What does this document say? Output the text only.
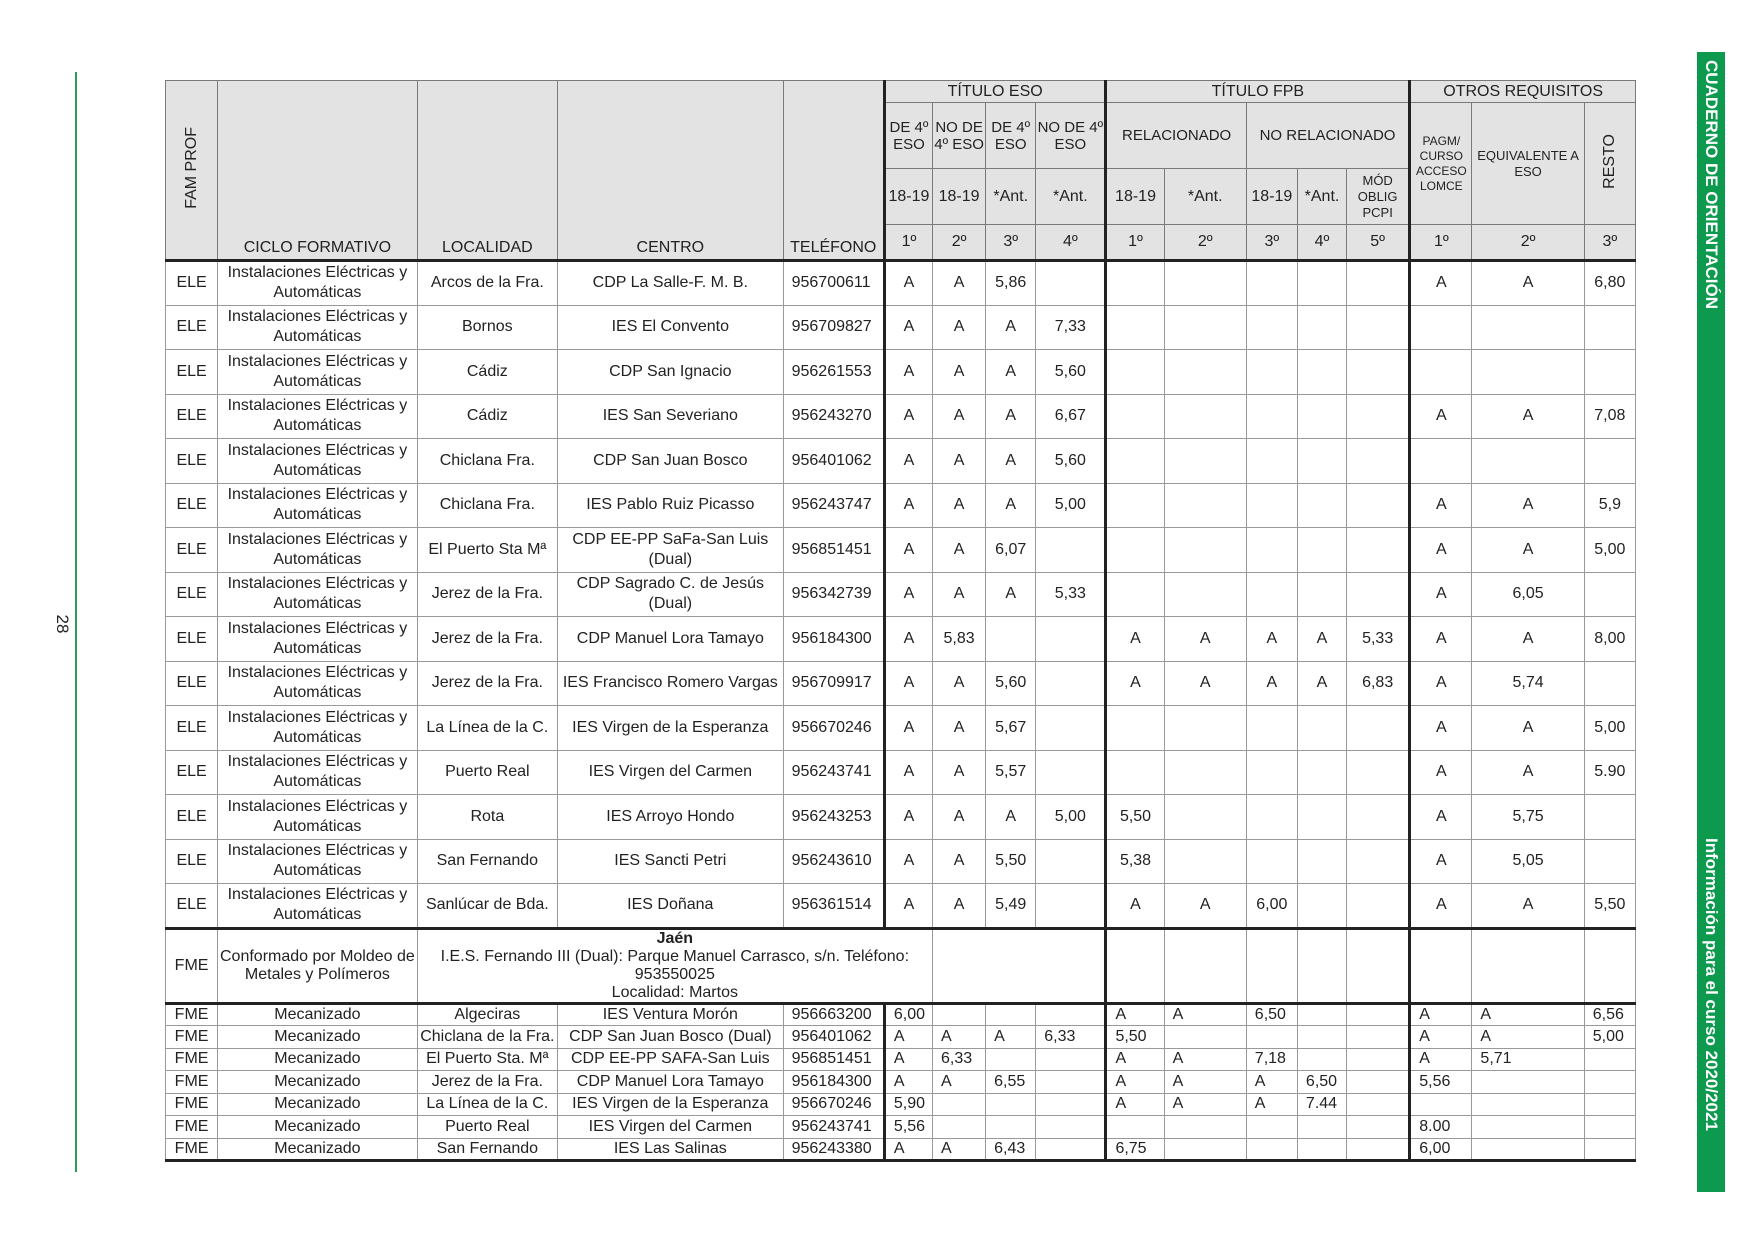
28
CUADERNO DE ORIENTACIÓN
Información para el curso 2020/2021
FAM PROF	CICLO FORMATIVO	LOCALIDAD	CENTRO	TELÉFONO	TÍTULO ESO				TÍTULO FPB					OTROS REQUISITOS		
					DE 4º ESO	NO DE 4º ESO	DE 4º ESO	NO DE 4º ESO	RELACIONADO		NO RELACIONADO			PAGM/ CURSO ACCESO LOMCE	EQUIVALENTE A ESO	RESTO
					18-19	18-19	*Ant.	*Ant.	18-19	*Ant.	18-19	*Ant.	MÓD OBLIG PCPI			
					1º	2º	3º	4º	1º	2º	3º	4º	5º	1º	2º	3º
ELE	Instalaciones Eléctricas y Automáticas	Arcos de la Fra.	CDP La Salle-F. M. B.	956700611	A	A	5,86							A	A	6,80
ELE	Instalaciones Eléctricas y Automáticas	Bornos	IES El Convento	956709827	A	A	A	7,33								
ELE	Instalaciones Eléctricas y Automáticas	Cádiz	CDP San Ignacio	956261553	A	A	A	5,60								
ELE	Instalaciones Eléctricas y Automáticas	Cádiz	IES San Severiano	956243270	A	A	A	6,67						A	A	7,08
ELE	Instalaciones Eléctricas y Automáticas	Chiclana Fra.	CDP San Juan Bosco	956401062	A	A	A	5,60								
ELE	Instalaciones Eléctricas y Automáticas	Chiclana Fra.	IES Pablo Ruiz Picasso	956243747	A	A	A	5,00						A	A	5,9
ELE	Instalaciones Eléctricas y Automáticas	El Puerto Sta Mª	CDP EE-PP SaFa-San Luis (Dual)	956851451	A	A	6,07							A	A	5,00
ELE	Instalaciones Eléctricas y Automáticas	Jerez de la Fra.	CDP Sagrado C. de Jesús (Dual)	956342739	A	A	A	5,33						A	6,05	
ELE	Instalaciones Eléctricas y Automáticas	Jerez de la Fra.	CDP Manuel Lora Tamayo	956184300	A	5,83			A	A	A	A	5,33	A	A	8,00
ELE	Instalaciones Eléctricas y Automáticas	Jerez de la Fra.	IES Francisco Romero Vargas	956709917	A	A	5,60		A	A	A	A	6,83	A	5,74	
ELE	Instalaciones Eléctricas y Automáticas	La Línea de la C.	IES Virgen de la Esperanza	956670246	A	A	5,67							A	A	5,00
ELE	Instalaciones Eléctricas y Automáticas	Puerto Real	IES Virgen del Carmen	956243741	A	A	5,57							A	A	5.90
ELE	Instalaciones Eléctricas y Automáticas	Rota	IES Arroyo Hondo	956243253	A	A	A	5,00	5,50					A	5,75	
ELE	Instalaciones Eléctricas y Automáticas	San Fernando	IES Sancti Petri	956243610	A	A	5,50		5,38					A	5,05	
ELE	Instalaciones Eléctricas y Automáticas	Sanlúcar de Bda.	IES Doñana	956361514	A	A	5,49		A	A	6,00			A	A	5,50
FME	Conformado por Moldeo de Metales y Polímeros	Jaén
I.E.S. Fernando III (Dual): Parque Manuel Carrasco, s/n. Teléfono: 953550025
Localidad: Martos														
FME	Mecanizado	Algeciras	IES Ventura Morón	956663200	6,00				A	A	6,50			A	A	6,56
FME	Mecanizado	Chiclana de la Fra.	CDP San Juan Bosco (Dual)	956401062	A	A	A	6,33	5,50					A	A	5,00
FME	Mecanizado	El Puerto Sta. Mª	CDP EE-PP SAFA-San Luis	956851451	A	6,33			A	A	7,18			A	5,71	
FME	Mecanizado	Jerez de la Fra.	CDP Manuel Lora Tamayo	956184300	A	A	6,55		A	A	A	6,50		5,56		
FME	Mecanizado	La Línea de la C.	IES Virgen de la Esperanza	956670246	5,90				A	A	A	7.44				
FME	Mecanizado	Puerto Real	IES Virgen del Carmen	956243741	5,56									8.00		
FME	Mecanizado	San Fernando	IES Las Salinas	956243380	A	A	6,43		6,75					6,00		
